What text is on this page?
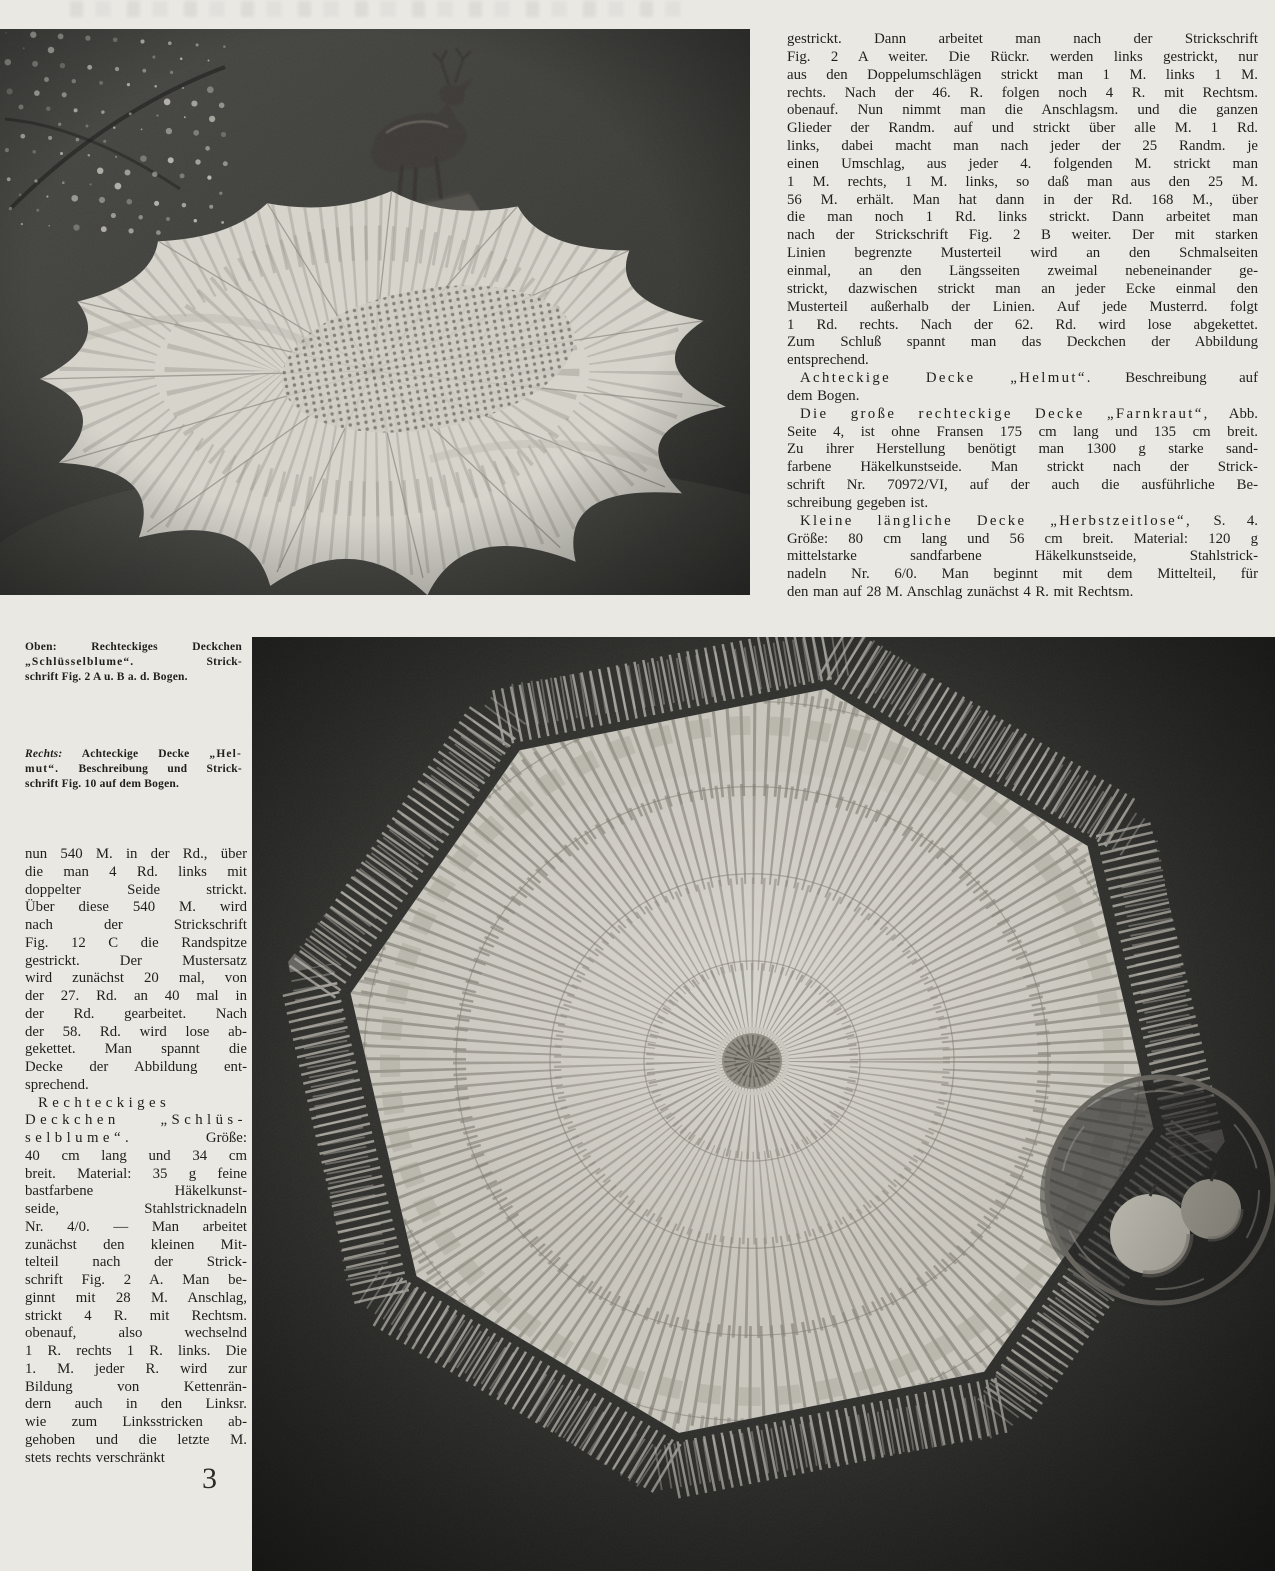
gestrickt. Dann arbeitet man nach der Strickschrift
Fig. 2 A weiter. Die Rückr. werden links gestrickt, nur
aus den Doppelumschlägen strickt man 1 M. links 1 M.
rechts. Nach der 46. R. folgen noch 4 R. mit Rechtsm.
obenauf. Nun nimmt man die Anschlagsm. und die ganzen
Glieder der Randm. auf und strickt über alle M. 1 Rd.
links, dabei macht man nach jeder der 25 Randm. je
einen Umschlag, aus jeder 4. folgenden M. strickt man
1 M. rechts, 1 M. links, so daß man aus den 25 M.
56 M. erhält. Man hat dann in der Rd. 168 M., über
die man noch 1 Rd. links strickt. Dann arbeitet man
nach der Strickschrift Fig. 2 B weiter. Der mit starken
Linien begrenzte Musterteil wird an den Schmalseiten
einmal, an den Längsseiten zweimal nebeneinander ge-
strickt, dazwischen strickt man an jeder Ecke einmal den
Musterteil außerhalb der Linien. Auf jede Musterrd. folgt
1 Rd. rechts. Nach der 62. Rd. wird lose abgekettet.
Zum Schluß spannt man das Deckchen der Abbildung
entsprechend.
Achteckige Decke „Helmut“. Beschreibung auf
dem Bogen.
Die große rechteckige Decke „Farnkraut“, Abb.
Seite 4, ist ohne Fransen 175 cm lang und 135 cm breit.
Zu ihrer Herstellung benötigt man 1300 g starke sand-
farbene Häkelkunstseide. Man strickt nach der Strick-
schrift Nr. 70972/VI, auf der auch die ausführliche Be-
schreibung gegeben ist.
Kleine längliche Decke „Herbstzeitlose“, S. 4.
Größe: 80 cm lang und 56 cm breit. Material: 120 g
mittelstarke sandfarbene Häkelkunstseide, Stahlstrick-
nadeln Nr. 6/0. Man beginnt mit dem Mittelteil, für
den man auf 28 M. Anschlag zunächst 4 R. mit Rechtsm.
Oben: Rechteckiges Deckchen
„Schlüsselblume“. Strick-
schrift Fig. 2 A u. B a. d. Bogen.
Rechts: Achteckige Decke „Hel-
mut“. Beschreibung und Strick-
schrift Fig. 10 auf dem Bogen.
nun 540 M. in der Rd., über
die man 4 Rd. links mit
doppelter Seide strickt.
Über diese 540 M. wird
nach der Strickschrift
Fig. 12 C die Randspitze
gestrickt. Der Mustersatz
wird zunächst 20 mal, von
der 27. Rd. an 40 mal in
der Rd. gearbeitet. Nach
der 58. Rd. wird lose ab-
gekettet. Man spannt die
Decke der Abbildung ent-
sprechend.
Rechteckiges
Deckchen „Schlüs-
selblume“. Größe:
40 cm lang und 34 cm
breit. Material: 35 g feine
bastfarbene Häkelkunst-
seide, Stahlstricknadeln
Nr. 4/0. — Man arbeitet
zunächst den kleinen Mit-
telteil nach der Strick-
schrift Fig. 2 A. Man be-
ginnt mit 28 M. Anschlag,
strickt 4 R. mit Rechtsm.
obenauf, also wechselnd
1 R. rechts 1 R. links. Die
1. M. jeder R. wird zur
Bildung von Kettenrän-
dern auch in den Linksr.
wie zum Linksstricken ab-
gehoben und die letzte M.
stets rechts verschränkt
3
